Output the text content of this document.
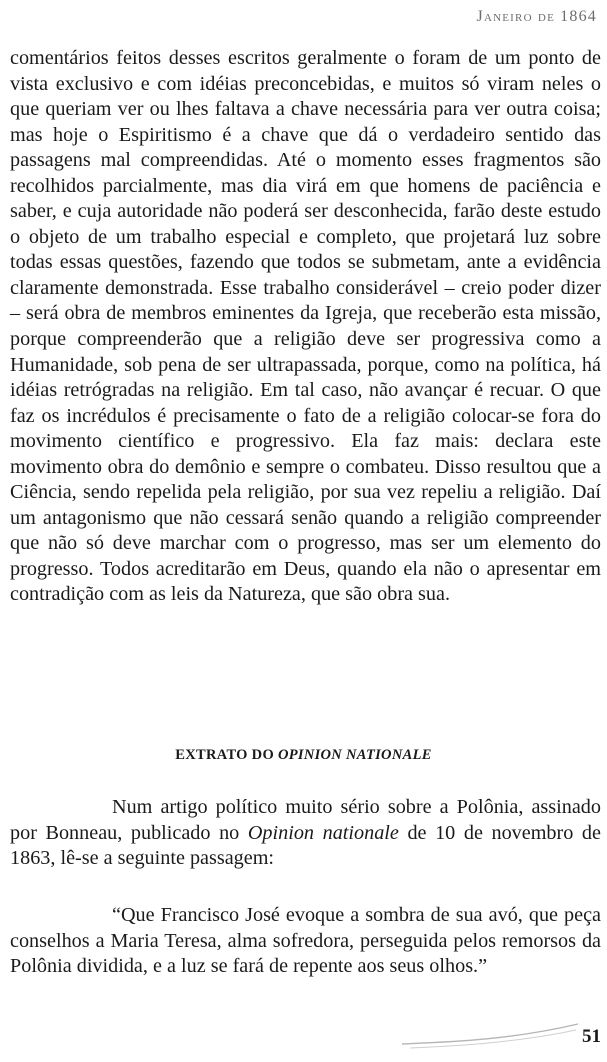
Janeiro de 1864

comentários feitos desses escritos geralmente o foram de um ponto de vista exclusivo e com idéias preconcebidas, e muitos só viram neles o que queriam ver ou lhes faltava a chave necessária para ver outra coisa; mas hoje o Espiritismo é a chave que dá o verdadeiro sentido das passagens mal compreendidas. Até o momento esses fragmentos são recolhidos parcialmente, mas dia virá em que homens de paciência e saber, e cuja autoridade não poderá ser desconhecida, farão deste estudo o objeto de um trabalho especial e completo, que projetará luz sobre todas essas questões, fazendo que todos se submetam, ante a evidência claramente demonstrada. Esse trabalho considerável – creio poder dizer – será obra de membros eminentes da Igreja, que receberão esta missão, porque compreenderão que a religião deve ser progressiva como a Humanidade, sob pena de ser ultrapassada, porque, como na política, há idéias retrógradas na religião. Em tal caso, não avançar é recuar. O que faz os incrédulos é precisamente o fato de a religião colocar-se fora do movimento científico e progressivo. Ela faz mais: declara este movimento obra do demônio e sempre o combateu. Disso resultou que a Ciência, sendo repelida pela religião, por sua vez repeliu a religião. Daí um antagonismo que não cessará senão quando a religião compreender que não só deve marchar com o progresso, mas ser um elemento do progresso. Todos acreditarão em Deus, quando ela não o apresentar em contradição com as leis da Natureza, que são obra sua.

EXTRATO DO OPINION NATIONALE

Num artigo político muito sério sobre a Polônia, assinado por Bonneau, publicado no Opinion nationale de 10 de novembro de 1863, lê-se a seguinte passagem:

“Que Francisco José evoque a sombra de sua avó, que peça conselhos a Maria Teresa, alma sofredora, perseguida pelos remorsos da Polônia dividida, e a luz se fará de repente aos seus olhos.”

51
